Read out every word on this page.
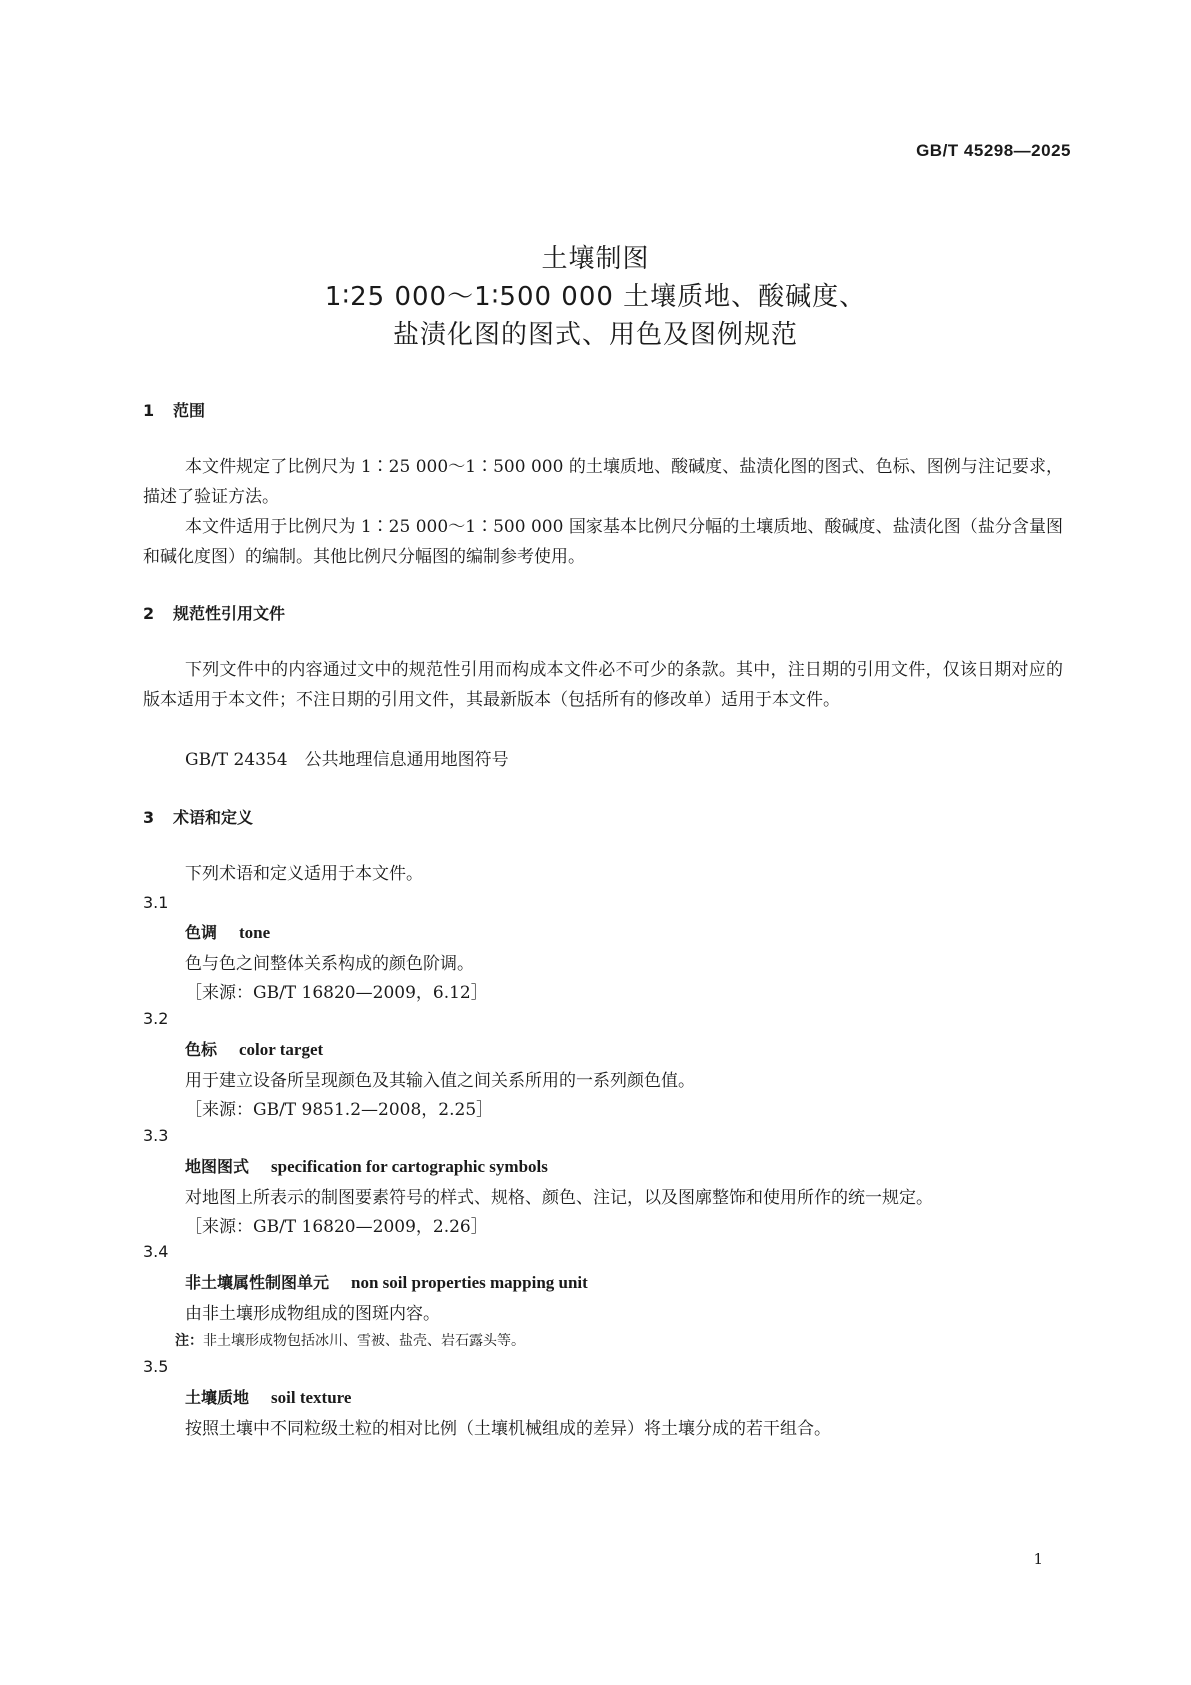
GB/T 45298—2025
土壤制图
1∶25 000～1∶500 000 土壤质地、酸碱度、
盐渍化图的图式、用色及图例规范
1 范围
本文件规定了比例尺为 1∶25 000～1∶500 000 的土壤质地、酸碱度、盐渍化图的图式、色标、图例与注记要求，描述了验证方法。
本文件适用于比例尺为 1∶25 000～1∶500 000 国家基本比例尺分幅的土壤质地、酸碱度、盐渍化图（盐分含量图和碱化度图）的编制。其他比例尺分幅图的编制参考使用。
2 规范性引用文件
下列文件中的内容通过文中的规范性引用而构成本文件必不可少的条款。其中，注日期的引用文件，仅该日期对应的版本适用于本文件；不注日期的引用文件，其最新版本（包括所有的修改单）适用于本文件。
GB/T 24354　公共地理信息通用地图符号
3 术语和定义
下列术语和定义适用于本文件。
3.1
色调 tone
色与色之间整体关系构成的颜色阶调。
［来源：GB/T 16820—2009，6.12］
3.2
色标 color target
用于建立设备所呈现颜色及其输入值之间关系所用的一系列颜色值。
［来源：GB/T 9851.2—2008，2.25］
3.3
地图图式 specification for cartographic symbols
对地图上所表示的制图要素符号的样式、规格、颜色、注记，以及图廓整饰和使用所作的统一规定。
［来源：GB/T 16820—2009，2.26］
3.4
非土壤属性制图单元 non soil properties mapping unit
由非土壤形成物组成的图斑内容。
注：非土壤形成物包括冰川、雪被、盐壳、岩石露头等。
3.5
土壤质地 soil texture
按照土壤中不同粒级土粒的相对比例（土壤机械组成的差异）将土壤分成的若干组合。
1
